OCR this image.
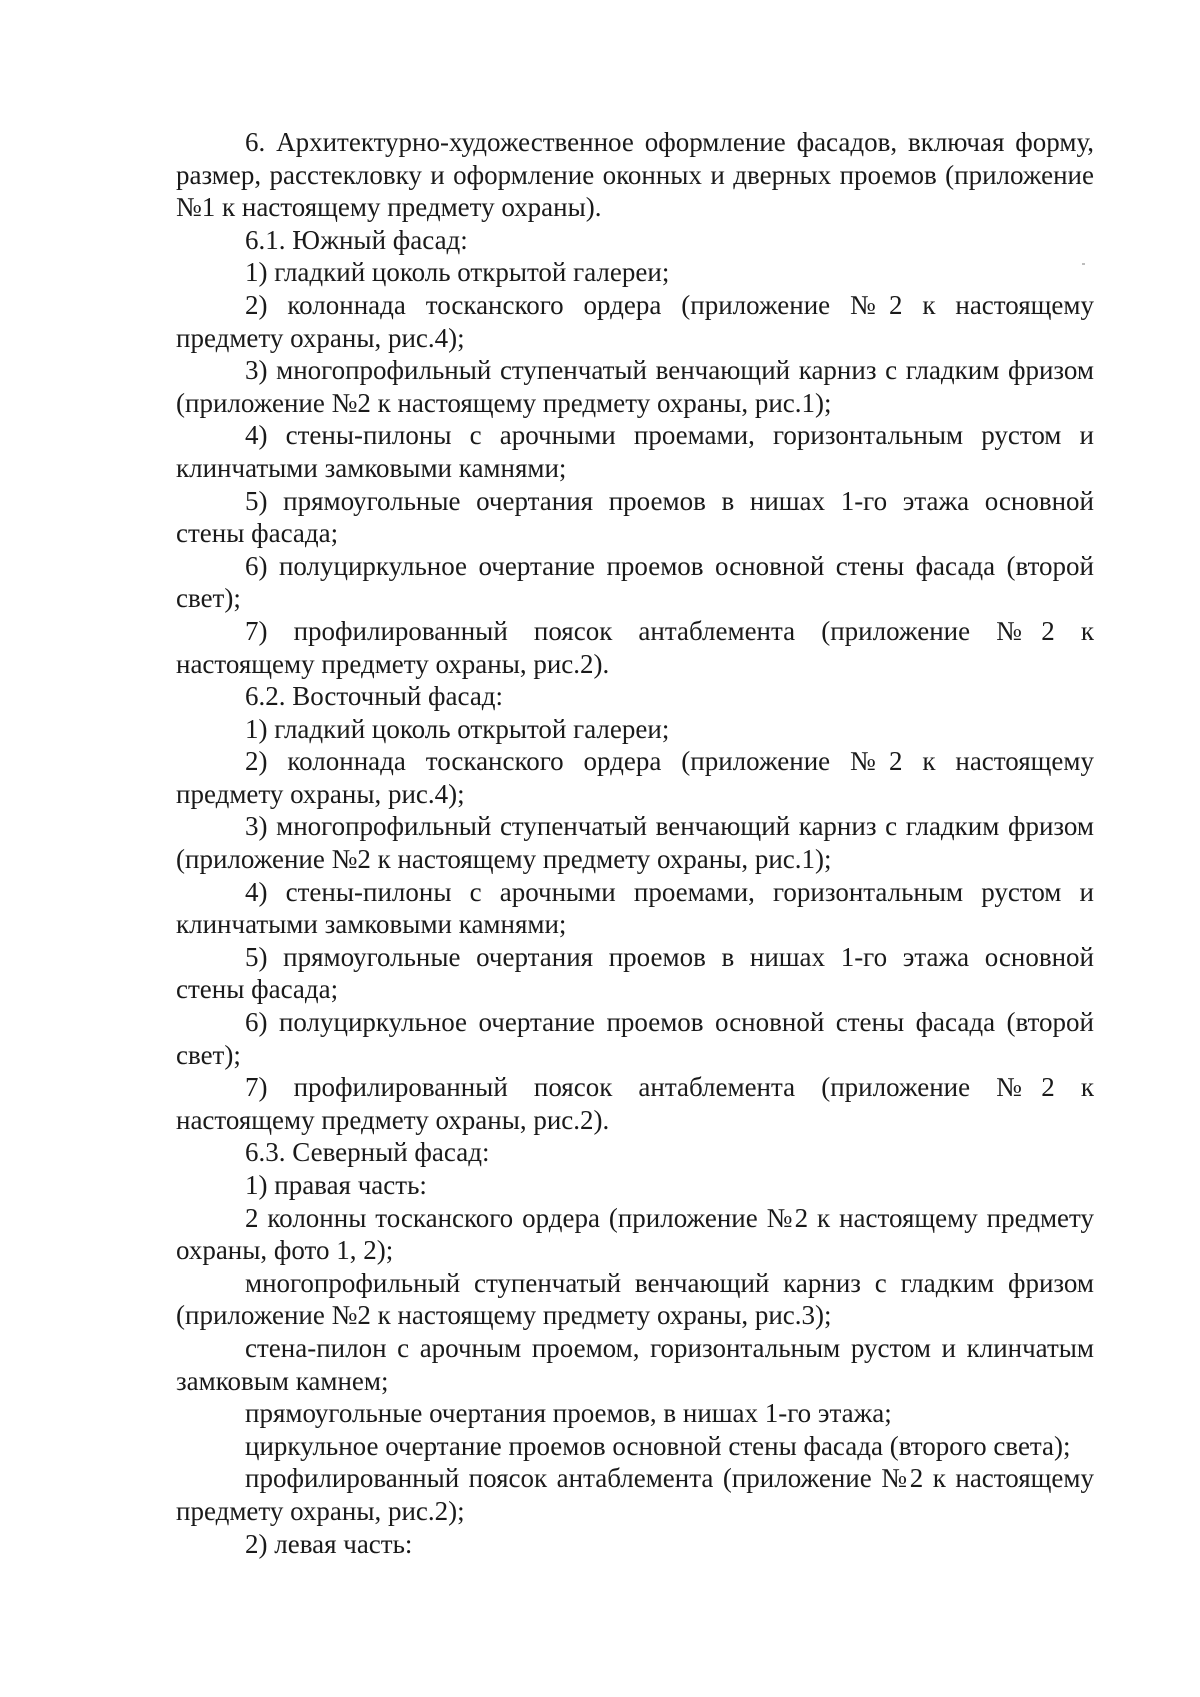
6. Архитектурно-художественное оформление фасадов, включая форму, размер, расстекловку и оформление оконных и дверных проемов (приложение №1 к настоящему предмету охраны).

6.1. Южный фасад:

1) гладкий цоколь открытой галереи;

2) колоннада тосканского ордера (приложение №2 к настоящему предмету охраны, рис.4);

3) многопрофильный ступенчатый венчающий карниз с гладким фризом (приложение №2 к настоящему предмету охраны, рис.1);

4) стены-пилоны с арочными проемами, горизонтальным рустом и клинчатыми замковыми камнями;

5) прямоугольные очертания проемов в нишах 1-го этажа основной стены фасада;

6) полуциркульное очертание проемов основной стены фасада (второй свет);

7) профилированный поясок антаблемента (приложение №2 к настоящему предмету охраны, рис.2).

6.2. Восточный фасад:

1) гладкий цоколь открытой галереи;

2) колоннада тосканского ордера (приложение №2 к настоящему предмету охраны, рис.4);

3) многопрофильный ступенчатый венчающий карниз с гладким фризом (приложение №2 к настоящему предмету охраны, рис.1);

4) стены-пилоны с арочными проемами, горизонтальным рустом и клинчатыми замковыми камнями;

5) прямоугольные очертания проемов в нишах 1-го этажа основной стены фасада;

6) полуциркульное очертание проемов основной стены фасада (второй свет);

7) профилированный поясок антаблемента (приложение №2 к настоящему предмету охраны, рис.2).

6.3. Северный фасад:

1) правая часть:

2 колонны тосканского ордера (приложение №2 к настоящему предмету охраны, фото 1, 2);

многопрофильный ступенчатый венчающий карниз с гладким фризом (приложение №2 к настоящему предмету охраны, рис.3);

стена-пилон с арочным проемом, горизонтальным рустом и клинчатым замковым камнем;

прямоугольные очертания проемов, в нишах 1-го этажа;

циркульное очертание проемов основной стены фасада (второго света);

профилированный поясок антаблемента (приложение №2 к настоящему предмету охраны, рис.2);

2) левая часть:
